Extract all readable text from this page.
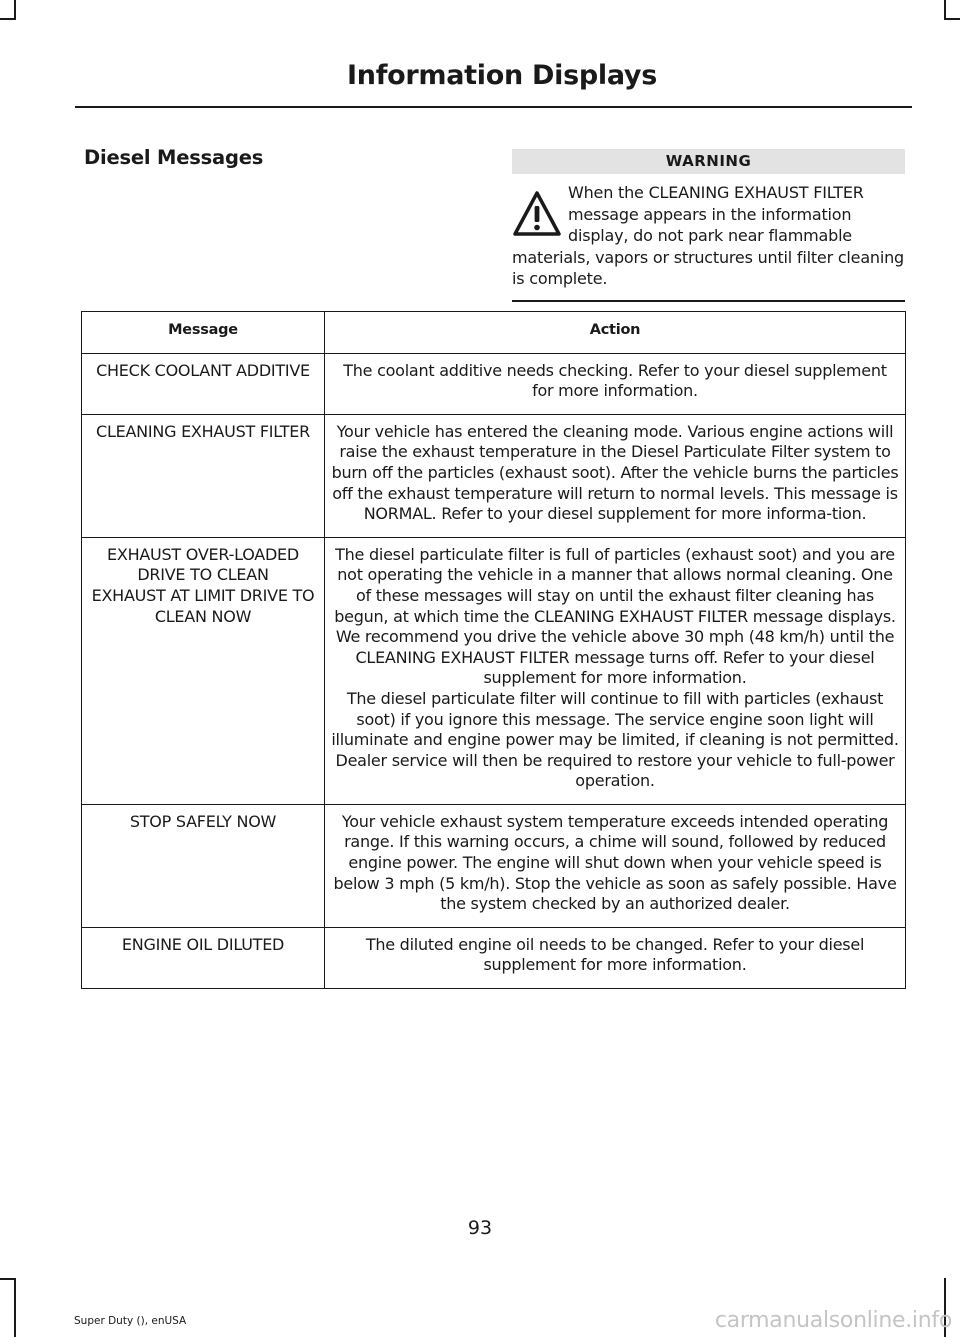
Information Displays
Diesel Messages	WARNING
When the CLEANING EXHAUST FILTER message appears in the information display, do not park near flammable materials, vapors or structures until filter cleaning is complete.
Message	Action

CHECK COOLANT ADDITIVE	The coolant additive needs checking. Refer to your diesel supplement for more information.

CLEANING EXHAUST FILTER	Your vehicle has entered the cleaning mode. Various engine actions will raise the exhaust temperature in the Diesel Particulate Filter system to burn off the particles (exhaust soot). After the vehicle burns the particles off the exhaust temperature will return to normal levels. This message is NORMAL. Refer to your diesel supplement for more informa-tion.

EXHAUST OVER-LOADED DRIVE TO CLEAN
EXHAUST AT LIMIT DRIVE TO CLEAN NOW	The diesel particulate filter is full of particles (exhaust soot) and you are not operating the vehicle in a manner that allows normal cleaning. One of these messages will stay on until the exhaust filter cleaning has begun, at which time the CLEANING EXHAUST FILTER message displays. We recommend you drive the vehicle above 30 mph (48 km/h) until the CLEANING EXHAUST FILTER message turns off. Refer to your diesel supplement for more information.
The diesel particulate filter will continue to fill with particles (exhaust soot) if you ignore this message. The service engine soon light will illuminate and engine power may be limited, if cleaning is not permitted. Dealer service will then be required to restore your vehicle to full-power operation.

STOP SAFELY NOW	Your vehicle exhaust system temperature exceeds intended operating range. If this warning occurs, a chime will sound, followed by reduced engine power. The engine will shut down when your vehicle speed is below 3 mph (5 km/h). Stop the vehicle as soon as safely possible. Have the system checked by an authorized dealer.

ENGINE OIL DILUTED	The diluted engine oil needs to be changed. Refer to your diesel supplement for more information.
93
Super Duty (), enUSA	carmanualsonline.info
